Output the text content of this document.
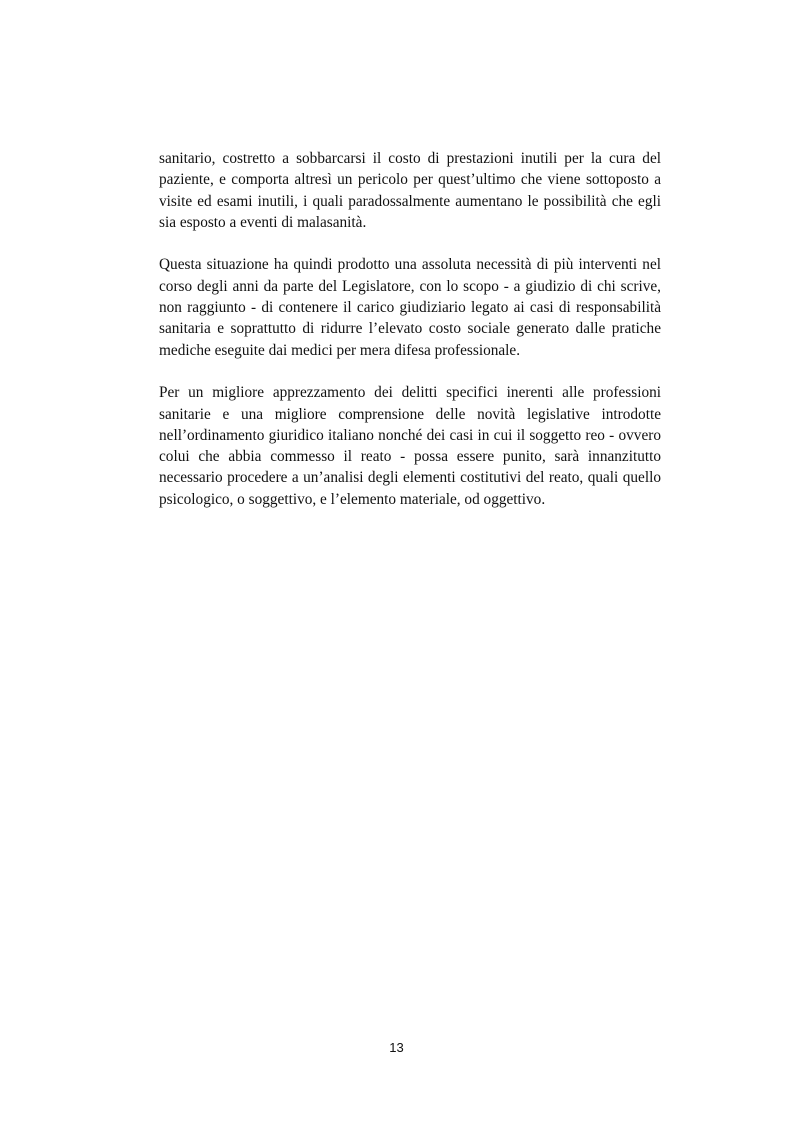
sanitario, costretto a sobbarcarsi il costo di prestazioni inutili per la cura del paziente, e comporta altresì un pericolo per quest’ultimo che viene sottoposto a visite ed esami inutili, i quali paradossalmente aumentano le possibilità che egli sia esposto a eventi di malasanità.

Questa situazione ha quindi prodotto una assoluta necessità di più interventi nel corso degli anni da parte del Legislatore, con lo scopo - a giudizio di chi scrive, non raggiunto - di contenere il carico giudiziario legato ai casi di responsabilità sanitaria e soprattutto di ridurre l’elevato costo sociale generato dalle pratiche mediche eseguite dai medici per mera difesa professionale.

Per un migliore apprezzamento dei delitti specifici inerenti alle professioni sanitarie e una migliore comprensione delle novità legislative introdotte nell’ordinamento giuridico italiano nonché dei casi in cui il soggetto reo - ovvero colui che abbia commesso il reato - possa essere punito, sarà innanzitutto necessario procedere a un’analisi degli elementi costitutivi del reato, quali quello psicologico, o soggettivo, e l’elemento materiale, od oggettivo.

13
